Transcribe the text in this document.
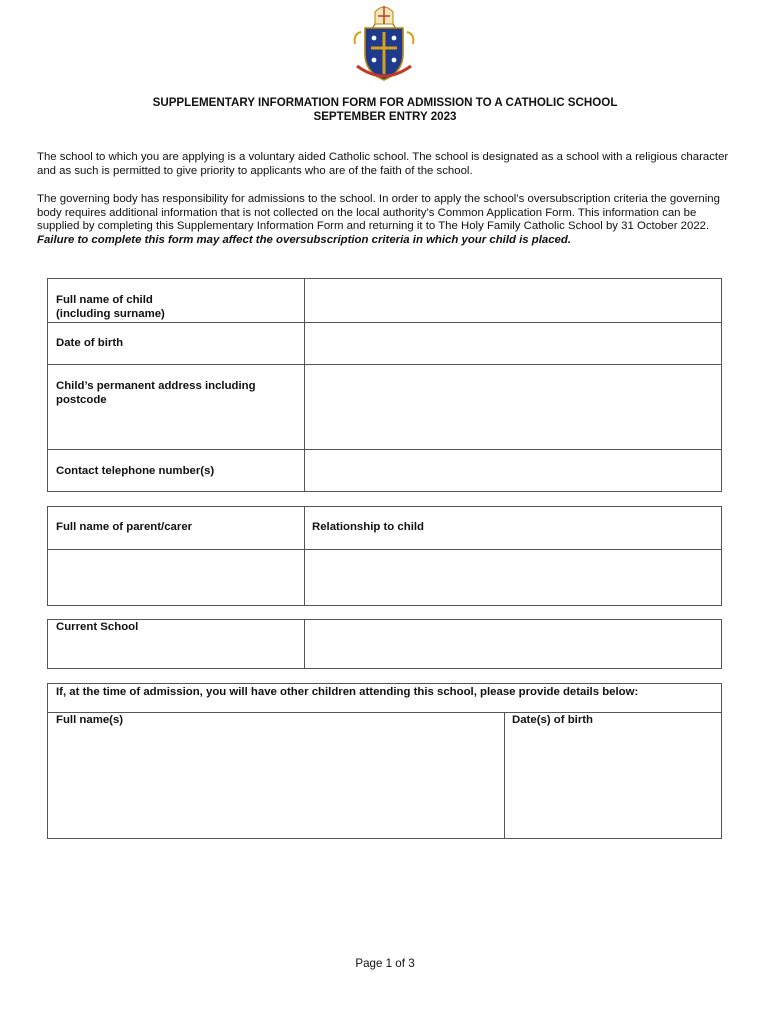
SUPPLEMENTARY INFORMATION FORM FOR ADMISSION TO A CATHOLIC SCHOOL

SEPTEMBER ENTRY 2023

The school to which you are applying is a voluntary aided Catholic school. The school is designated as a school with a religious character and as such is permitted to give priority to applicants who are of the faith of the school.

The governing body has responsibility for admissions to the school. In order to apply the school’s oversubscription criteria the governing body requires additional information that is not collected on the local authority’s Common Application Form. This information can be supplied by completing this Supplementary Information Form and returning it to The Holy Family Catholic School by 31 October 2022. Failure to complete this form may affect the oversubscription criteria in which your child is placed.

Full name of child
(including surname)
Date of birth
Child’s permanent address including
postcode
Contact telephone number(s)
Full name of parent/carer	Relationship to child
Current School
If, at the time of admission, you will have other children attending this school, please provide details below:
Full name(s)	Date(s) of birth
Page 1 of 3
